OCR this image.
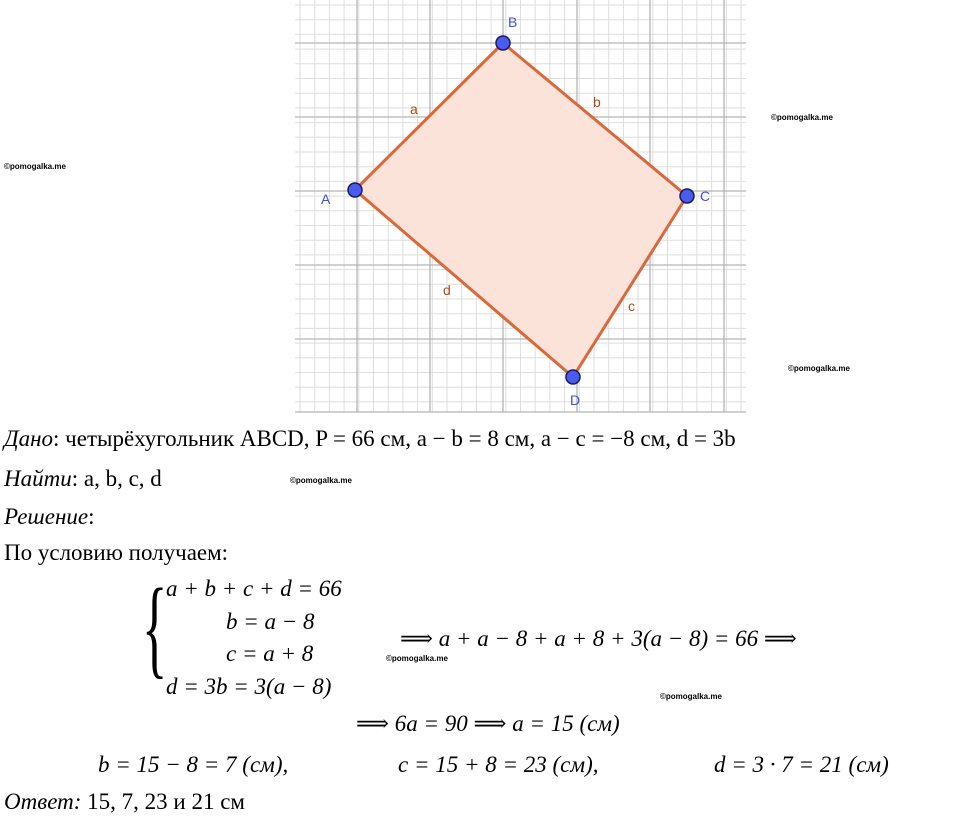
A
B
C
D
a	b
c
d
©pomogalka.me
©pomogalka.me
©pomogalka.me
©pomogalka.me
©pomogalka.me
©pomogalka.me
Дано: четырёхугольник ABCD, P = 66 см, a − b = 8 см, a − c = −8 см, d = 3b
Найти: a, b, c, d
Решение:
По условию получаем:
{
a + b + c + d = 66
b = a − 8
c = a + 8
d = 3b = 3(a − 8)
⟹ a + a − 8 + a + 8 + 3(a − 8) = 66 ⟹
⟹ 6a = 90 ⟹ a = 15 (см)
b = 15 − 8 = 7 (см),	c = 15 + 8 = 23 (см),	d = 3 · 7 = 21 (см)
Ответ: 15, 7, 23 и 21 см
